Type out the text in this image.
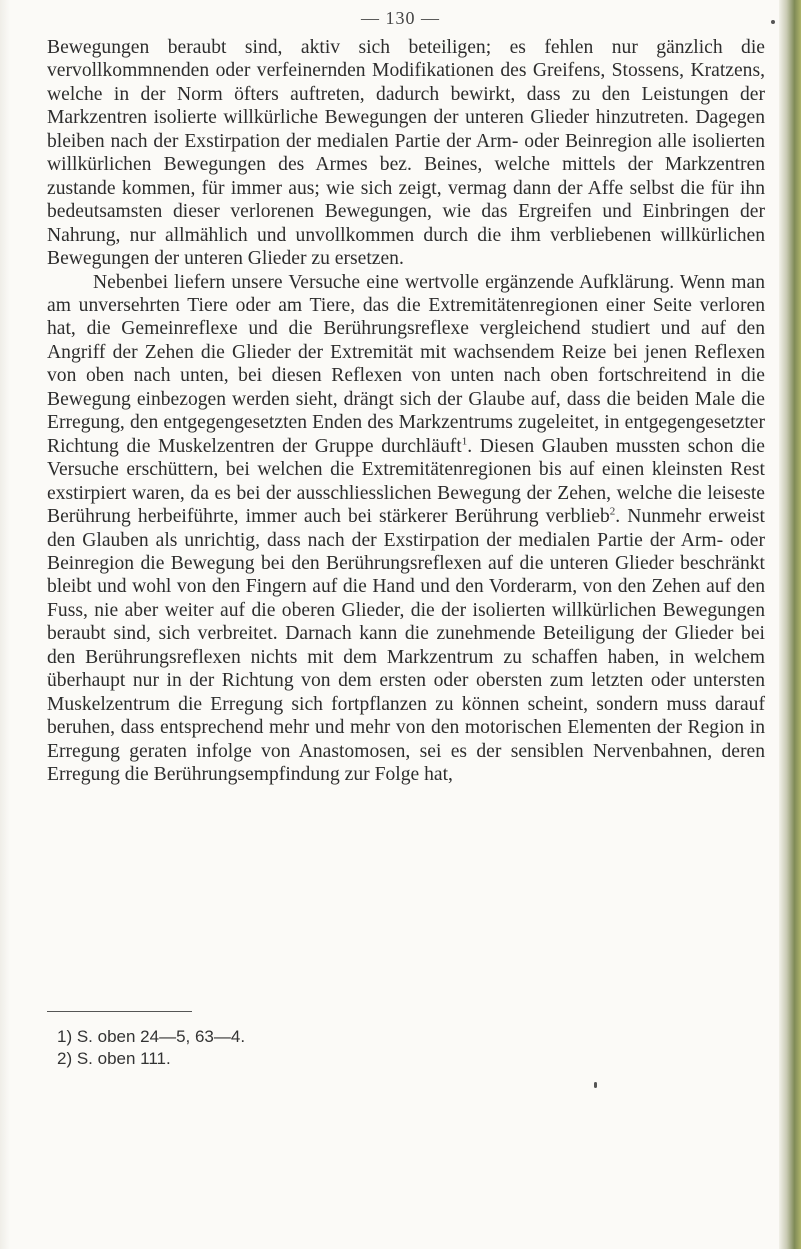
— 130 —

Bewegungen beraubt sind, aktiv sich beteiligen; es fehlen nur gänzlich die vervollkommnenden oder verfeinernden Modifikationen des Greifens, Stossens, Kratzens, welche in der Norm öfters auftreten, dadurch bewirkt, dass zu den Leistungen der Markzentren isolierte willkürliche Bewegungen der unteren Glieder hinzutreten. Dagegen bleiben nach der Exstirpation der medialen Partie der Arm- oder Beinregion alle isolierten willkürlichen Bewegungen des Armes bez. Beines, welche mittels der Markzentren zustande kommen, für immer aus; wie sich zeigt, vermag dann der Affe selbst die für ihn bedeutsamsten dieser verlorenen Bewegungen, wie das Ergreifen und Einbringen der Nahrung, nur allmählich und unvollkommen durch die ihm verbliebenen willkürlichen Bewegungen der unteren Glieder zu ersetzen.

Nebenbei liefern unsere Versuche eine wertvolle ergänzende Aufklärung. Wenn man am unversehrten Tiere oder am Tiere, das die Extremitätenregionen einer Seite verloren hat, die Gemeinreflexe und die Berührungsreflexe vergleichend studiert und auf den Angriff der Zehen die Glieder der Extremität mit wachsendem Reize bei jenen Reflexen von oben nach unten, bei diesen Reflexen von unten nach oben fortschreitend in die Bewegung einbezogen werden sieht, drängt sich der Glaube auf, dass die beiden Male die Erregung, den entgegengesetzten Enden des Markzentrums zugeleitet, in entgegengesetzter Richtung die Muskelzentren der Gruppe durchläuft$^1$. Diesen Glauben mussten schon die Versuche erschüttern, bei welchen die Extremitätenregionen bis auf einen kleinsten Rest exstirpiert waren, da es bei der ausschliesslichen Bewegung der Zehen, welche die leiseste Berührung herbeiführte, immer auch bei stärkerer Berührung verblieb$^2$. Nunmehr erweist den Glauben als unrichtig, dass nach der Exstirpation der medialen Partie der Arm- oder Beinregion die Bewegung bei den Berührungsreflexen auf die unteren Glieder beschränkt bleibt und wohl von den Fingern auf die Hand und den Vorderarm, von den Zehen auf den Fuss, nie aber weiter auf die oberen Glieder, die der isolierten willkürlichen Bewegungen beraubt sind, sich verbreitet. Darnach kann die zunehmende Beteiligung der Glieder bei den Berührungsreflexen nichts mit dem Markzentrum zu schaffen haben, in welchem überhaupt nur in der Richtung von dem ersten oder obersten zum letzten oder untersten Muskelzentrum die Erregung sich fortpflanzen zu können scheint, sondern muss darauf beruhen, dass entsprechend mehr und mehr von den motorischen Elementen der Region in Erregung geraten infolge von Anastomosen, sei es der sensiblen Nervenbahnen, deren Erregung die Berührungsempfindung zur Folge hat,

1) S. oben 24—5, 63—4.

2) S. oben 111.
